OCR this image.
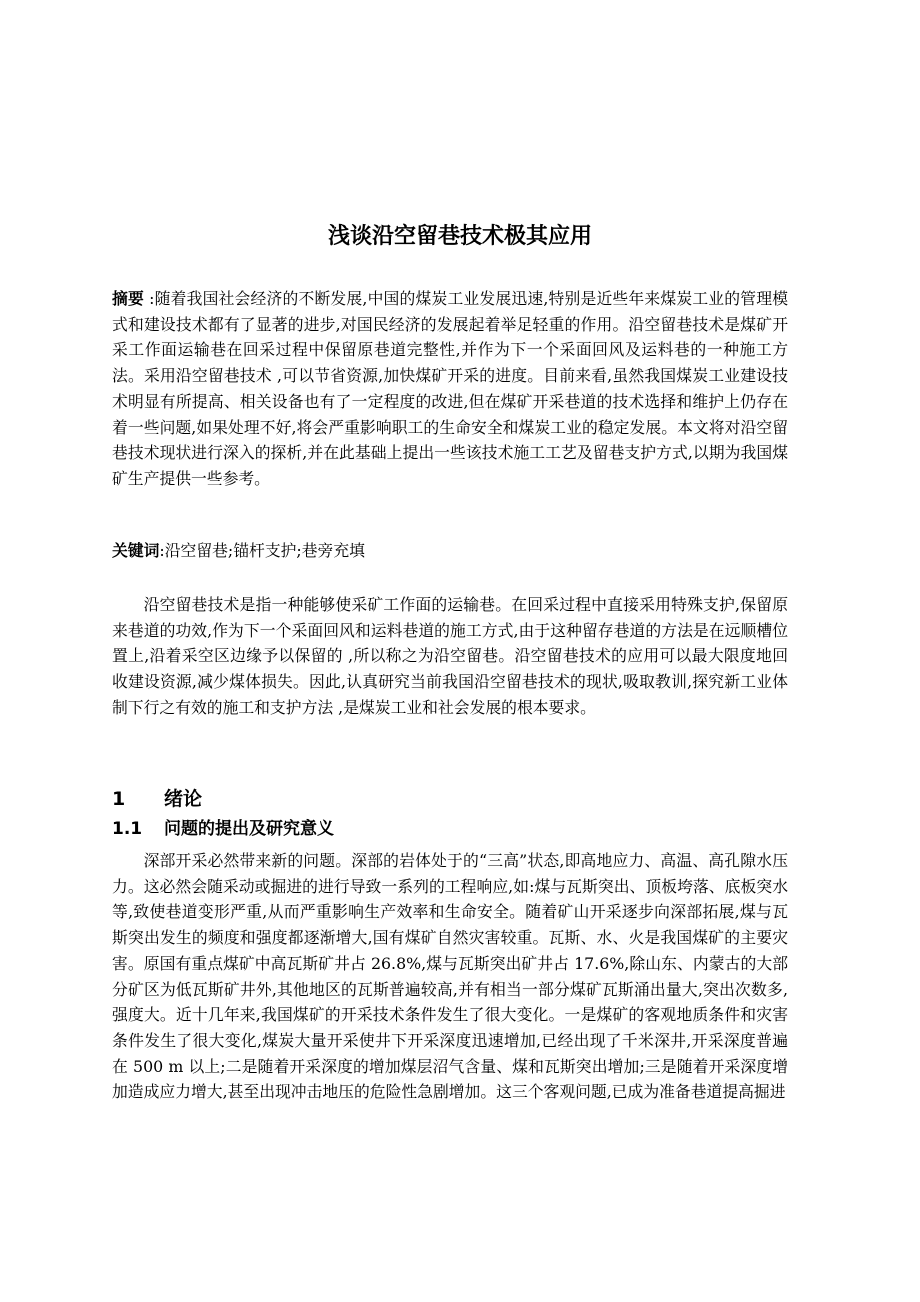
浅谈沿空留巷技术极其应用

摘要 :随着我国社会经济的不断发展,中国的煤炭工业发展迅速,特别是近些年来煤炭工业的管理模式和建设技术都有了显著的进步,对国民经济的发展起着举足轻重的作用。沿空留巷技术是煤矿开采工作面运输巷在回采过程中保留原巷道完整性,并作为下一个采面回风及运料巷的一种施工方法。采用沿空留巷技术 ,可以节省资源,加快煤矿开采的进度。目前来看,虽然我国煤炭工业建设技术明显有所提高、相关设备也有了一定程度的改进,但在煤矿开采巷道的技术选择和维护上仍存在着一些问题,如果处理不好,将会严重影响职工的生命安全和煤炭工业的稳定发展。本文将对沿空留巷技术现状进行深入的探析,并在此基础上提出一些该技术施工工艺及留巷支护方式,以期为我国煤矿生产提供一些参考。

关键词:沿空留巷;锚杆支护;巷旁充填

沿空留巷技术是指一种能够使采矿工作面的运输巷。在回采过程中直接采用特殊支护,保留原来巷道的功效,作为下一个采面回风和运料巷道的施工方式,由于这种留存巷道的方法是在远顺槽位置上,沿着采空区边缘予以保留的 ,所以称之为沿空留巷。沿空留巷技术的应用可以最大限度地回收建设资源,减少煤体损失。因此,认真研究当前我国沿空留巷技术的现状,吸取教训,探究新工业体制下行之有效的施工和支护方法 ,是煤炭工业和社会发展的根本要求。

1 绪论
1.1 问题的提出及研究意义

深部开采必然带来新的问题。深部的岩体处于的“三高”状态,即高地应力、高温、高孔隙水压力。这必然会随采动或掘进的进行导致一系列的工程响应,如:煤与瓦斯突出、顶板垮落、底板突水等,致使巷道变形严重,从而严重影响生产效率和生命安全。随着矿山开采逐步向深部拓展,煤与瓦斯突出发生的频度和强度都逐渐增大,国有煤矿自然灾害较重。瓦斯、水、火是我国煤矿的主要灾害。原国有重点煤矿中高瓦斯矿井占 26.8%,煤与瓦斯突出矿井占 17.6%,除山东、内蒙古的大部分矿区为低瓦斯矿井外,其他地区的瓦斯普遍较高,并有相当一部分煤矿瓦斯涌出量大,突出次数多,强度大。近十几年来,我国煤矿的开采技术条件发生了很大变化。一是煤矿的客观地质条件和灾害条件发生了很大变化,煤炭大量开采使井下开采深度迅速增加,已经出现了千米深井,开采深度普遍在 500 m 以上;二是随着开采深度的增加煤层沼气含量、煤和瓦斯突出增加;三是随着开采深度增加造成应力增大,甚至出现冲击地压的危险性急剧增加。这三个客观问题,已成为准备巷道提高掘进
